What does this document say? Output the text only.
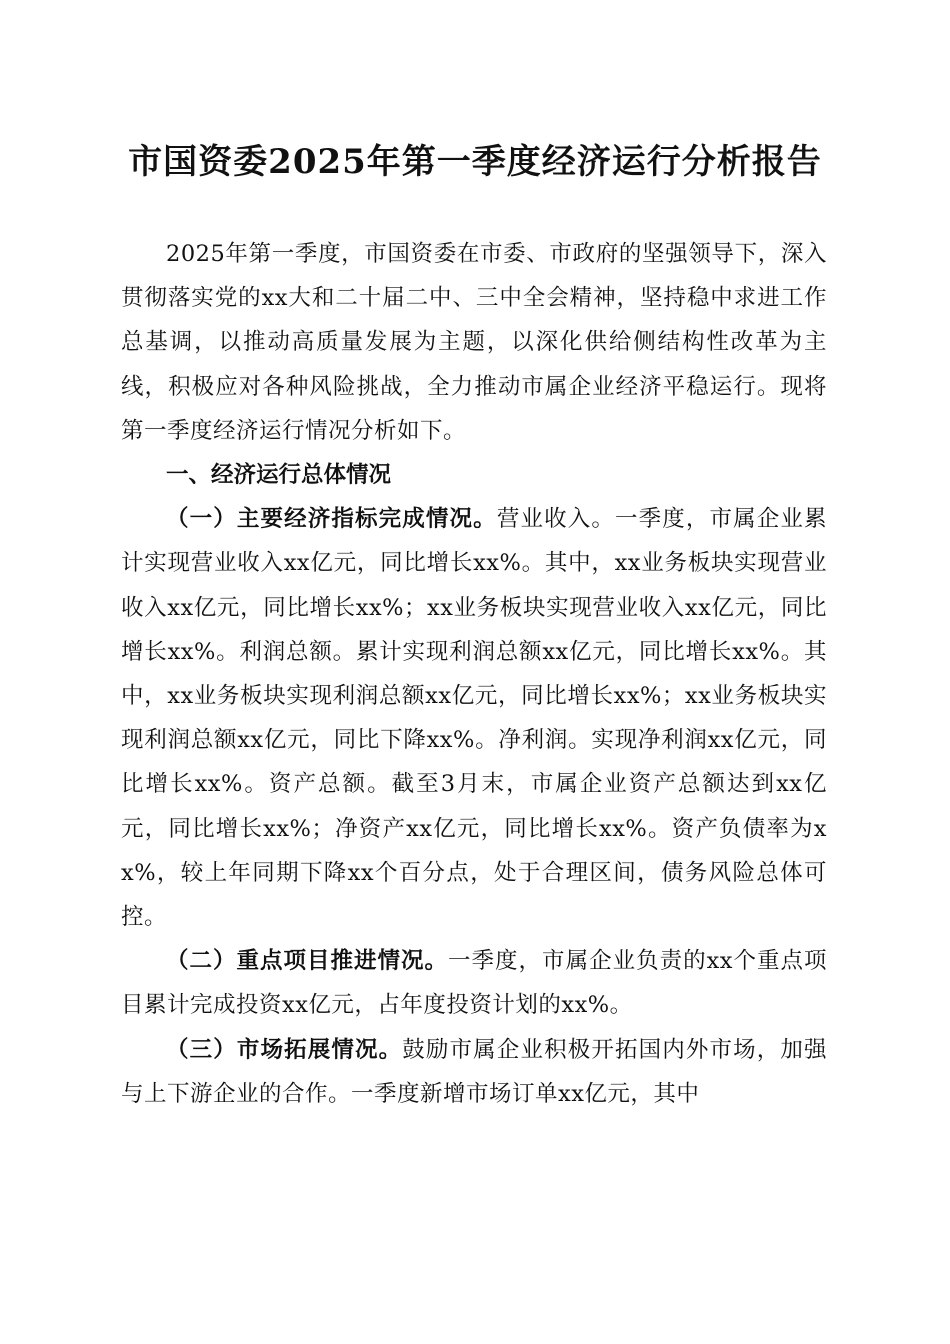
市国资委2025年第一季度经济运行分析报告

2025年第一季度，市国资委在市委、市政府的坚强领导下，深入贯彻落实党的xx大和二十届二中、三中全会精神，坚持稳中求进工作总基调，以推动高质量发展为主题，以深化供给侧结构性改革为主线，积极应对各种风险挑战，全力推动市属企业经济平稳运行。现将第一季度经济运行情况分析如下。

一、经济运行总体情况

（一）主要经济指标完成情况。营业收入。一季度，市属企业累计实现营业收入xx亿元，同比增长xx%。其中，xx业务板块实现营业收入xx亿元，同比增长xx%；xx业务板块实现营业收入xx亿元，同比增长xx%。利润总额。累计实现利润总额xx亿元，同比增长xx%。其中，xx业务板块实现利润总额xx亿元，同比增长xx%；xx业务板块实现利润总额xx亿元，同比下降xx%。净利润。实现净利润xx亿元，同比增长xx%。资产总额。截至3月末，市属企业资产总额达到xx亿元，同比增长xx%；净资产xx亿元，同比增长xx%。资产负债率为xx%，较上年同期下降xx个百分点，处于合理区间，债务风险总体可控。

（二）重点项目推进情况。一季度，市属企业负责的xx个重点项目累计完成投资xx亿元，占年度投资计划的xx%。

（三）市场拓展情况。鼓励市属企业积极开拓国内外市场，加强与上下游企业的合作。一季度新增市场订单xx亿元，其中
